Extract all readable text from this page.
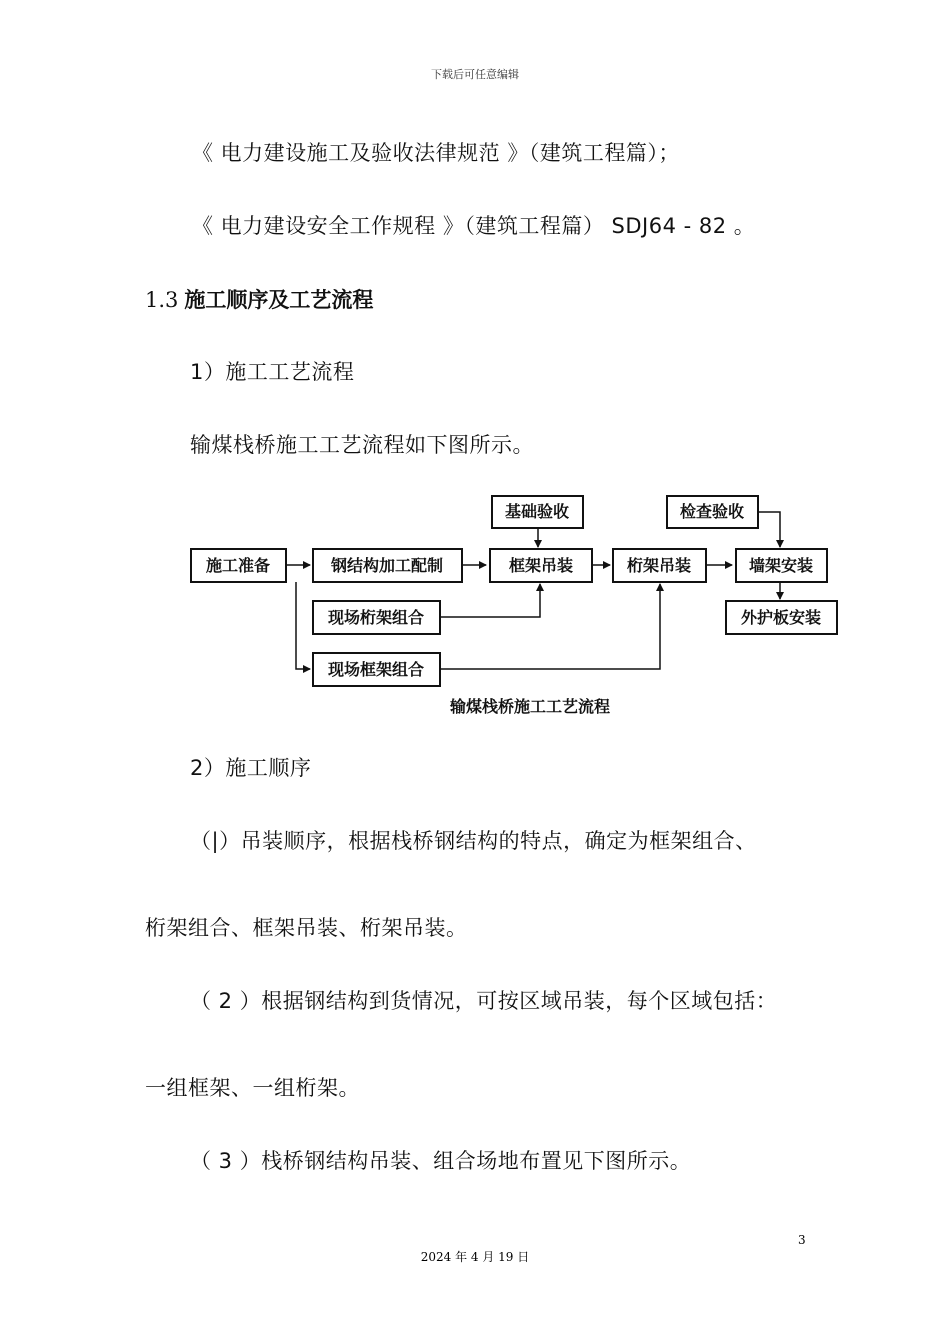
下载后可任意编辑
《 电力建设施工及验收法律规范 》（建筑工程篇）；
《 电力建设安全工作规程 》（建筑工程篇） SDJ64 - 82 。
1.3 施工顺序及工艺流程
1）施工工艺流程
输煤栈桥施工工艺流程如下图所示。
施工准备	钢结构加工配制
基础验收
框架吊装	桁架吊装
检查验收
墙架安装
外护板安装
现场桁架组合
现场框架组合
输煤栈桥施工工艺流程
2）施工顺序
（|）吊装顺序，根据栈桥钢结构的特点，确定为框架组合、
桁架组合、框架吊装、桁架吊装。
（ 2 ）根据钢结构到货情况，可按区域吊装，每个区域包括：
一组框架、一组桁架。
（ 3 ）栈桥钢结构吊装、组合场地布置见下图所示。
3
2024 年 4 月 19 日
